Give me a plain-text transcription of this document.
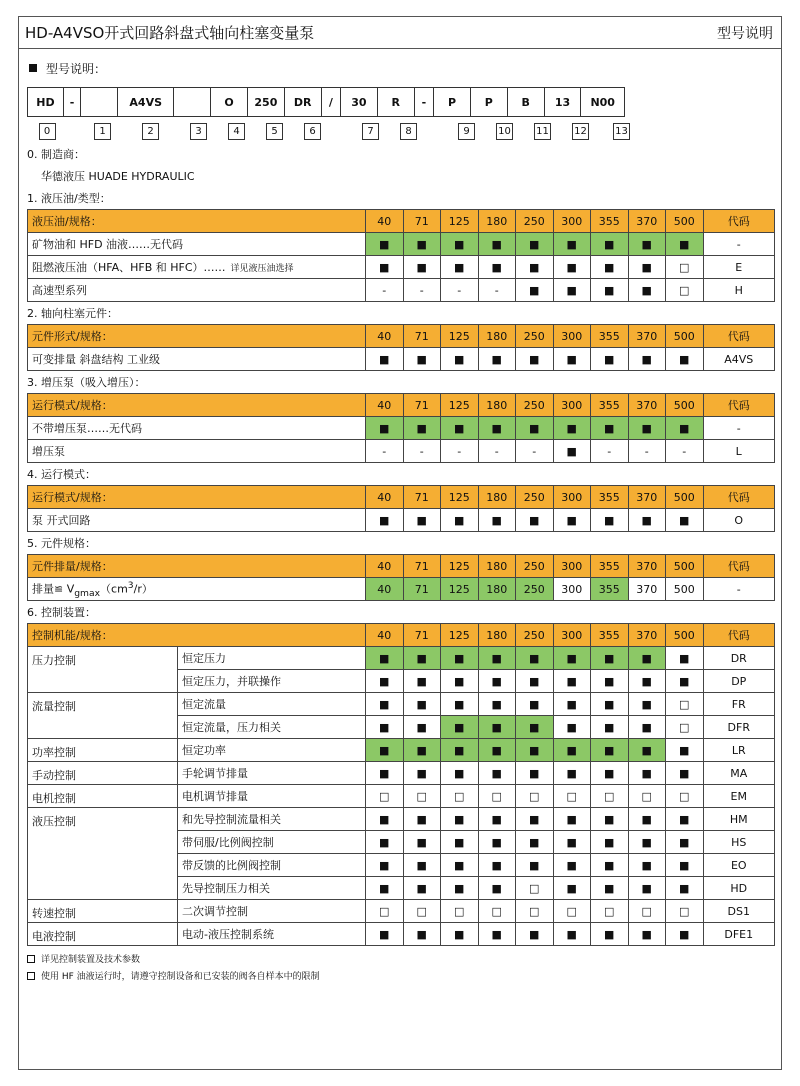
HD-A4VSO开式回路斜盘式轴向柱塞变量泵	型号说明
型号说明：
HD	-	A4VS	O	250	DR	/	30	R	-	P	P	B	13	N00
0	1	2	3	4	5	6	7	8	9	10	11	12	13
0. 制造商：
华德液压 HUADE HYDRAULIC
1. 液压油/类型：
液压油/规格：	40	71	125	180	250	300	355	370	500	代码
矿物油和 HFD 油液……无代码	■	■	■	■	■	■	■	■	■	-
阻燃液压油（HFA、HFB 和 HFC）…… 详见液压油选择	■	■	■	■	■	■	■	■	□	E
高速型系列	-	-	-	-	■	■	■	■	□	H
2. 轴向柱塞元件：
元件形式/规格：	40	71	125	180	250	300	355	370	500	代码
可变排量 斜盘结构 工业级	■	■	■	■	■	■	■	■	■	A4VS
3. 增压泵（吸入增压）：
运行模式/规格：	40	71	125	180	250	300	355	370	500	代码
不带增压泵……无代码	■	■	■	■	■	■	■	■	■	-
增压泵	-	-	-	-	-	■	-	-	-	L
4. 运行模式：
运行模式/规格：	40	71	125	180	250	300	355	370	500	代码
泵 开式回路	■	■	■	■	■	■	■	■	■	O
5. 元件规格：
元件排量/规格：	40	71	125	180	250	300	355	370	500	代码
排量≌ $V_{gmax}(cm^3/r)$	40	71	125	180	250	300	355	370	500	-
6. 控制装置：
控制机能/规格：		40	71	125	180	250	300	355	370	500	代码
压力控制	恒定压力	■	■	■	■	■	■	■	■	■	DR
	恒定压力，并联操作	■	■	■	■	■	■	■	■	■	DP
流量控制	恒定流量	■	■	■	■	■	■	■	■	□	FR
	恒定流量，压力相关	■	■	■	■	■	■	■	■	□	DFR
功率控制	恒定功率	■	■	■	■	■	■	■	■	■	LR
手动控制	手轮调节排量	■	■	■	■	■	■	■	■	■	MA
电机控制	电机调节排量	□	□	□	□	□	□	□	□	□	EM
液压控制	和先导控制流量相关	■	■	■	■	■	■	■	■	■	HM
	带伺服/比例阀控制	■	■	■	■	■	■	■	■	■	HS
	带反馈的比例阀控制	■	■	■	■	■	■	■	■	■	EO
	先导控制压力相关	■	■	■	■	□	■	■	■	■	HD
转速控制	二次调节控制	□	□	□	□	□	□	□	□	□	DS1
电液控制	电动-液压控制系统	■	■	■	■	■	■	■	■	■	DFE1
详见控制装置及技术参数
使用 HF 油液运行时，请遵守控制设备和已安装的阀各自样本中的限制
